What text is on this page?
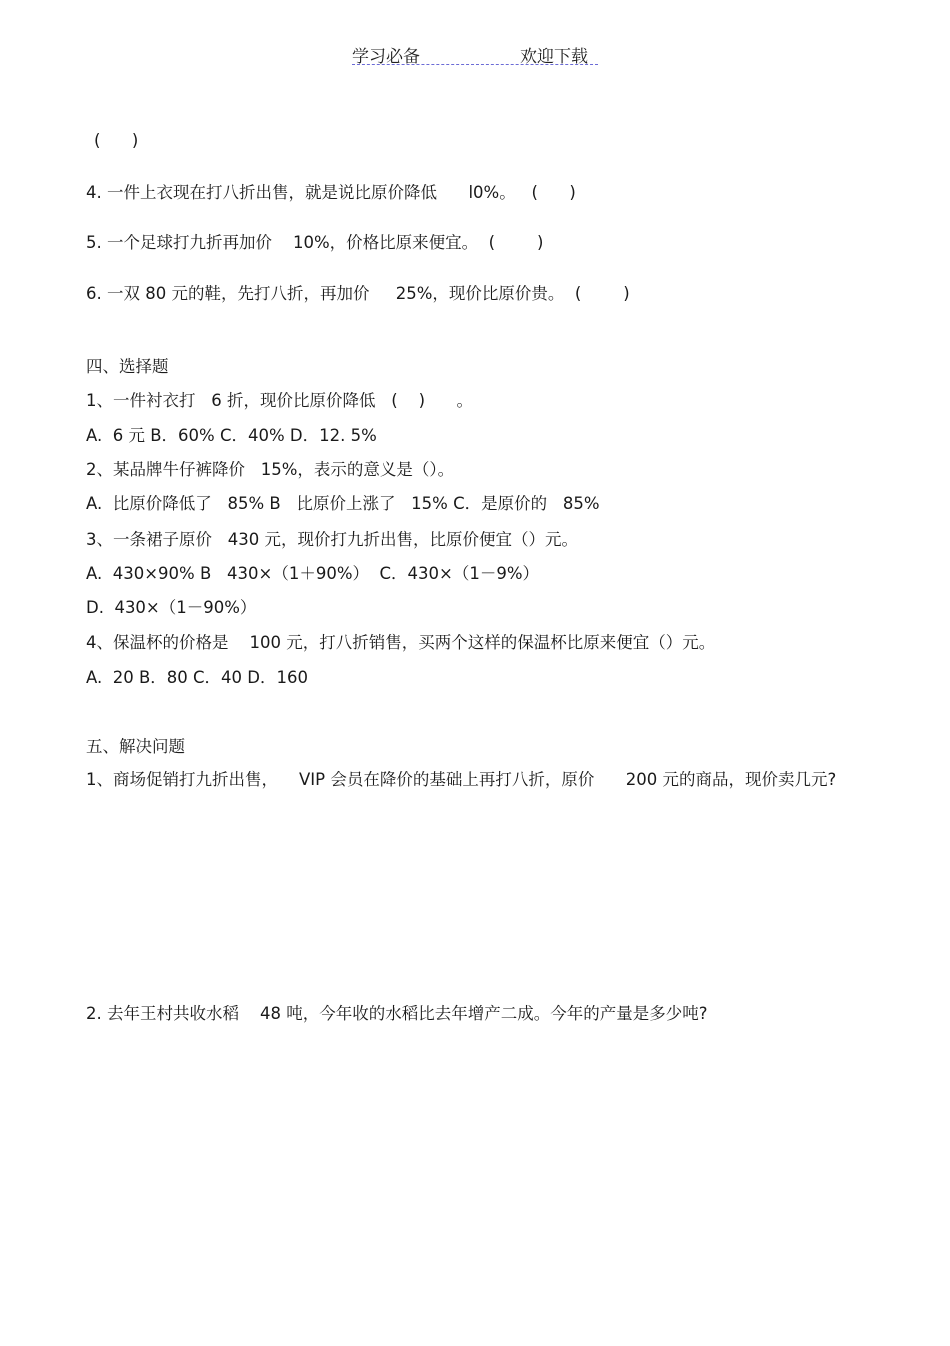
学习必备	欢迎下载
(      )
4. 一件上衣现在打八折出售，就是说比原价降低      l0%。   (      )
5. 一个足球打九折再加价    10%，价格比原来便宜。  (        )
6. 一双 80 元的鞋，先打八折，再加价     25%，现价比原价贵。  (        )
四、选择题
1、一件衬衣打   6 折，现价比原价降低   (    )      。
A.  6 元 B．60% C．40% D．12. 5%
2、某品牌牛仔裤降价   15%，表示的意义是（）。
A.  比原价降低了   85% B   比原价上涨了   15% C．是原价的   85%
3、一条裙子原价   430 元，现价打九折出售，比原价便宜（）元。
A.  430×90% B   430×（1＋90%）  C．430×（1－9%）
D.  430×（1－90%）
4、保温杯的价格是    100 元，打八折销售，买两个这样的保温杯比原来便宜（）元。
A.  20 B．80 C．40 D．160
五、解决问题
1、商场促销打九折出售，    VIP 会员在降价的基础上再打八折，原价      200 元的商品，现价卖几元?
2. 去年王村共收水稻    48 吨，今年收的水稻比去年增产二成。今年的产量是多少吨?
